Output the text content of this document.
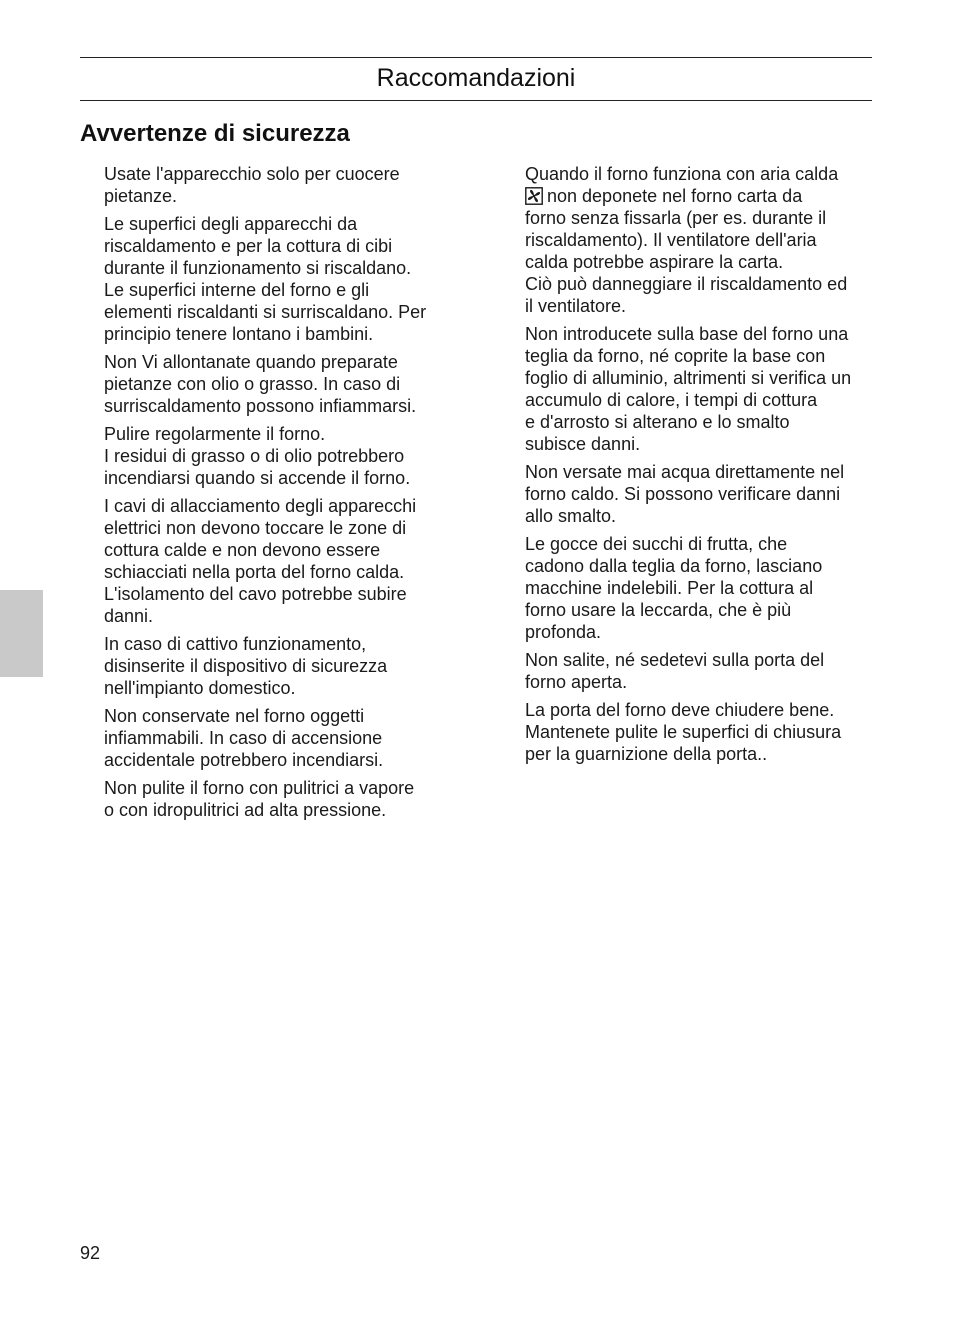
Raccomandazioni
Avvertenze di sicurezza

Usate l'apparecchio solo per cuocere
pietanze.

Le superfici degli apparecchi da
riscaldamento e per la cottura di cibi
durante il funzionamento si riscaldano.
Le superfici interne del forno e gli
elementi riscaldanti si surriscaldano. Per
principio tenere lontano i bambini.

Non Vi allontanate quando preparate
pietanze con olio o grasso. In caso di
surriscaldamento possono infiammarsi.

Pulire regolarmente il forno.
I residui di grasso o di olio potrebbero
incendiarsi quando si accende il forno.

I cavi di allacciamento degli apparecchi
elettrici non devono toccare le zone di
cottura calde e non devono essere
schiacciati nella porta del forno calda.
L'isolamento del cavo potrebbe subire
danni.

In caso di cattivo funzionamento,
disinserite il dispositivo di sicurezza
nell'impianto domestico.

Non conservate nel forno oggetti
infiammabili. In caso di accensione
accidentale potrebbero incendiarsi.

Non pulite il forno con pulitrici a vapore
o con idropulitrici ad alta pressione.

Quando il forno funziona con aria calda
non deponete nel forno carta da
forno senza fissarla (per es. durante il
riscaldamento). Il ventilatore dell'aria
calda potrebbe aspirare la carta.
Ciò può danneggiare il riscaldamento ed
il ventilatore.

Non introducete sulla base del forno una
teglia da forno, né coprite la base con
foglio di alluminio, altrimenti si verifica un
accumulo di calore, i tempi di cottura
e d'arrosto si alterano e lo smalto
subisce danni.

Non versate mai acqua direttamente nel
forno caldo. Si possono verificare danni
allo smalto.

Le gocce dei succhi di frutta, che
cadono dalla teglia da forno, lasciano
macchine indelebili. Per la cottura al
forno usare la leccarda, che è più
profonda.

Non salite, né sedetevi sulla porta del
forno aperta.

La porta del forno deve chiudere bene.
Mantenete pulite le superfici di chiusura
per la guarnizione della porta..

92
